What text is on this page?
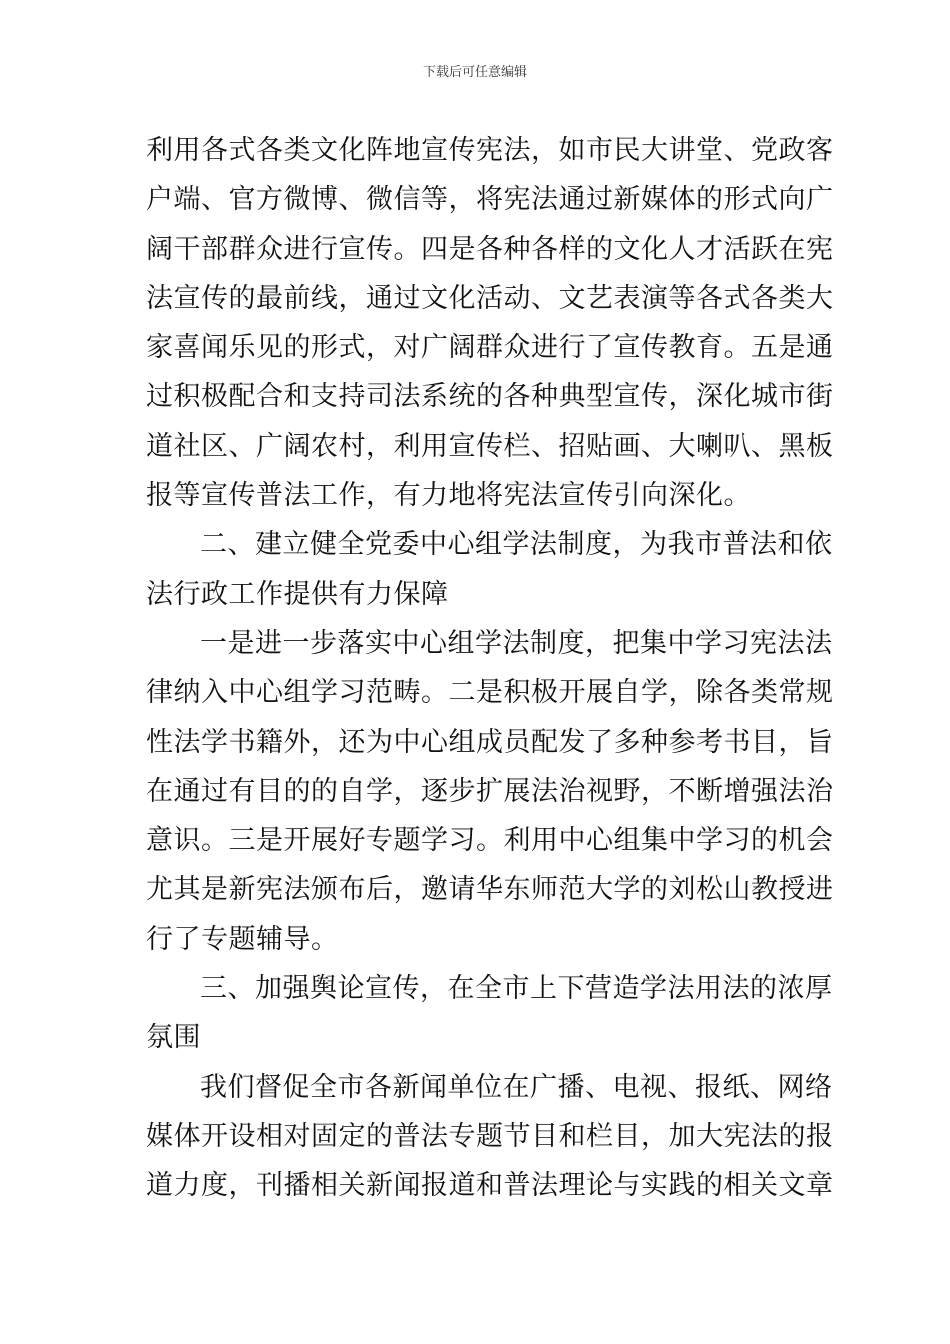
下载后可任意编辑
利用各式各类文化阵地宣传宪法，如市民大讲堂、党政客
户端、官方微博、微信等，将宪法通过新媒体的形式向广
阔干部群众进行宣传。四是各种各样的文化人才活跃在宪
法宣传的最前线，通过文化活动、文艺表演等各式各类大
家喜闻乐见的形式，对广阔群众进行了宣传教育。五是通
过积极配合和支持司法系统的各种典型宣传，深化城市街
道社区、广阔农村，利用宣传栏、招贴画、大喇叭、黑板
报等宣传普法工作，有力地将宪法宣传引向深化。
二、建立健全党委中心组学法制度，为我市普法和依
法行政工作提供有力保障
一是进一步落实中心组学法制度，把集中学习宪法法
律纳入中心组学习范畴。二是积极开展自学，除各类常规
性法学书籍外，还为中心组成员配发了多种参考书目，旨
在通过有目的的自学，逐步扩展法治视野，不断增强法治
意识。三是开展好专题学习。利用中心组集中学习的机会
尤其是新宪法颁布后，邀请华东师范大学的刘松山教授进
行了专题辅导。
三、加强舆论宣传，在全市上下营造学法用法的浓厚
氛围
我们督促全市各新闻单位在广播、电视、报纸、网络
媒体开设相对固定的普法专题节目和栏目，加大宪法的报
道力度，刊播相关新闻报道和普法理论与实践的相关文章
